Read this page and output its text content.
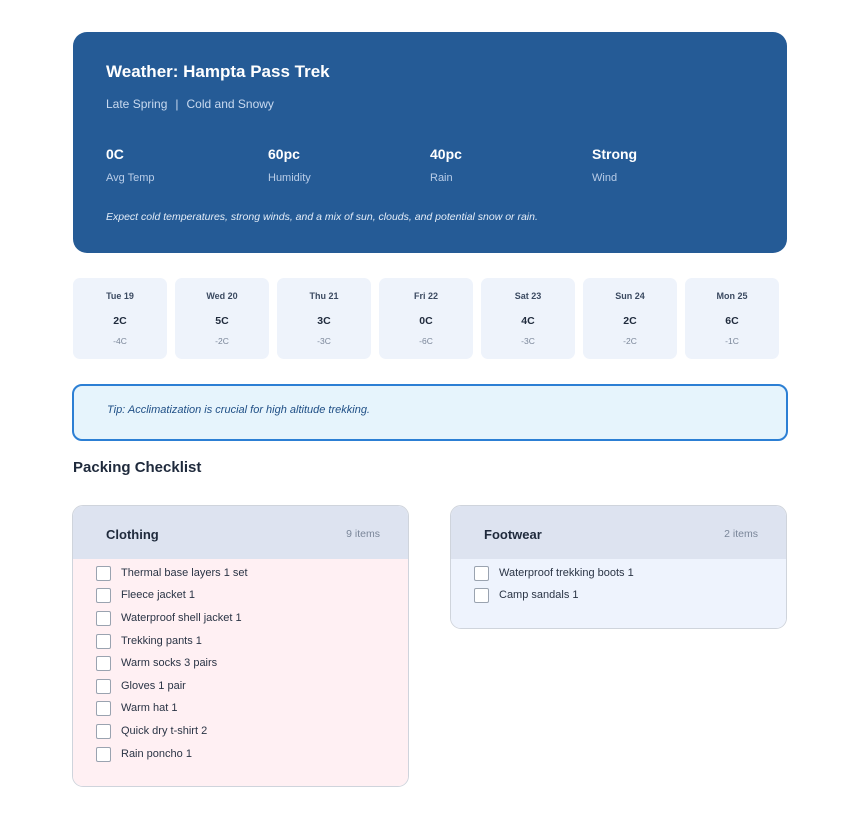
Weather: Hampta Pass Trek
Late Spring | Cold and Snowy
0C
Avg Temp
60pc
Humidity
40pc
Rain
Strong
Wind
Expect cold temperatures, strong winds, and a mix of sun, clouds, and potential snow or rain.
Tue 19
2C
-4C
Wed 20
5C
-2C
Thu 21
3C
-3C
Fri 22
0C
-6C
Sat 23
4C
-3C
Sun 24
2C
-2C
Mon 25
6C
-1C
Tip: Acclimatization is crucial for high altitude trekking.
Packing Checklist
Clothing	9 items
Thermal base layers 1 set
Fleece jacket 1
Waterproof shell jacket 1
Trekking pants 1
Warm socks 3 pairs
Gloves 1 pair
Warm hat 1
Quick dry t-shirt 2
Rain poncho 1
Footwear	2 items
Waterproof trekking boots 1
Camp sandals 1
